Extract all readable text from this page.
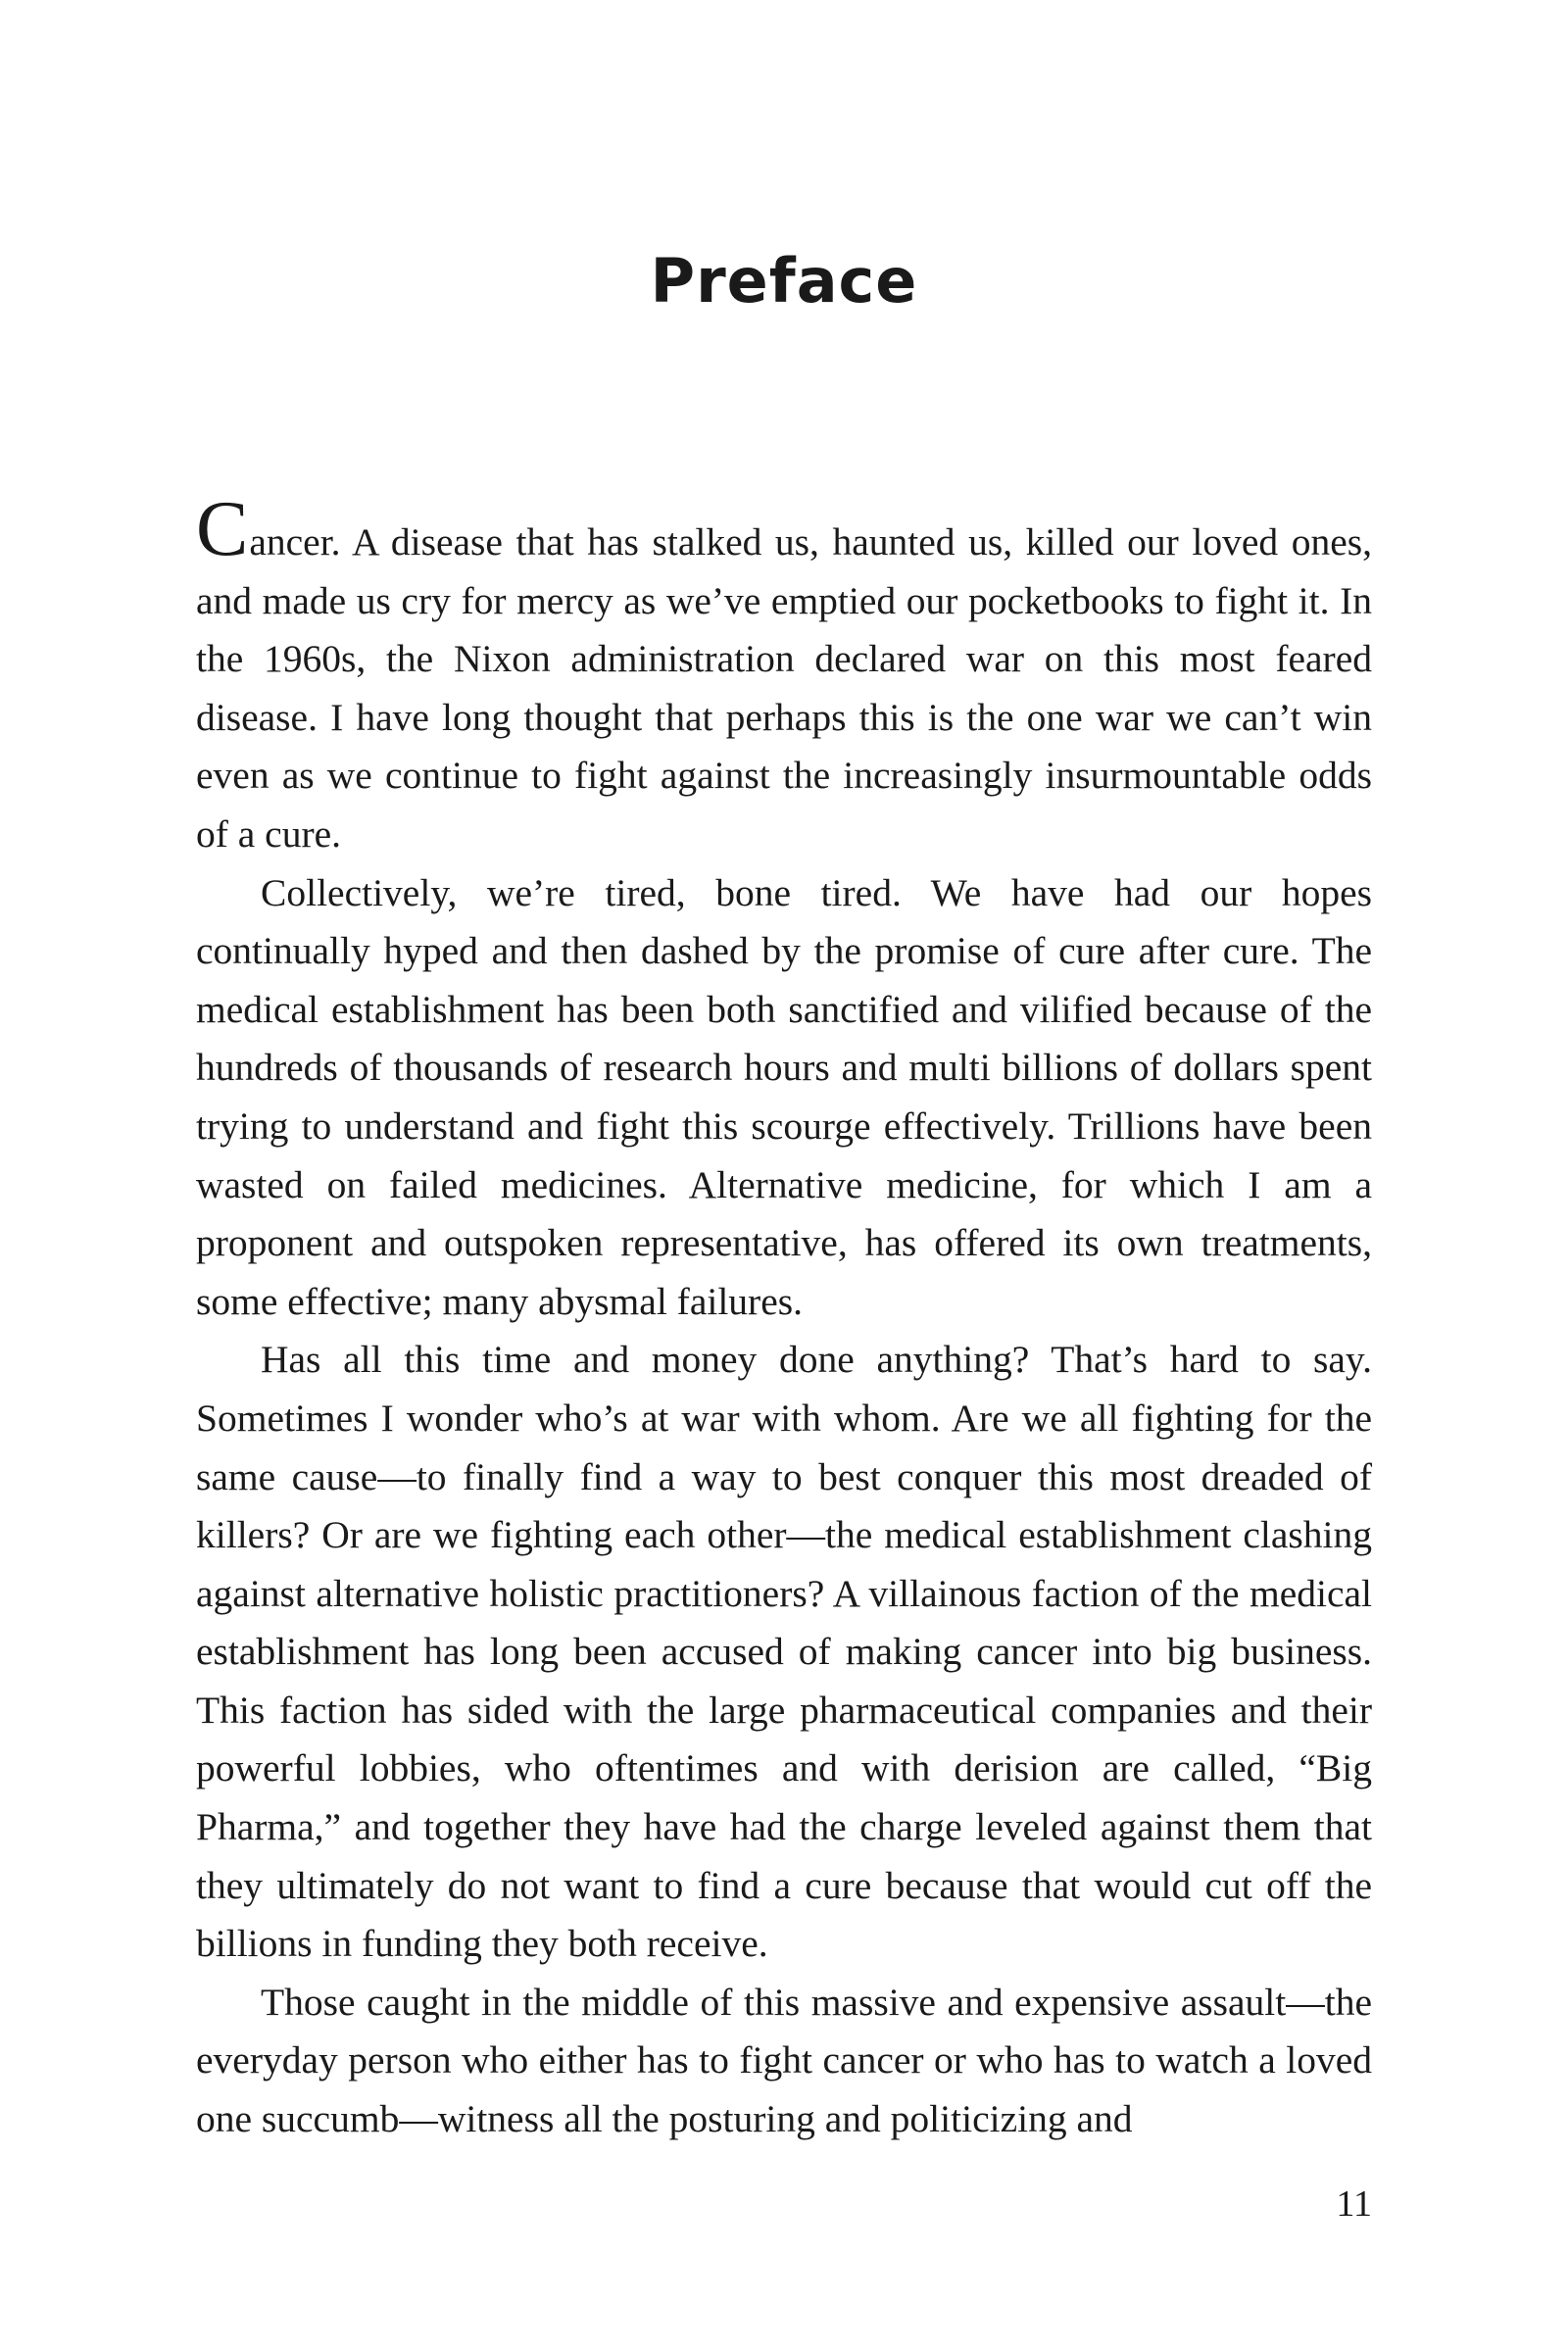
Preface

Cancer. A disease that has stalked us, haunted us, killed our loved ones, and made us cry for mercy as we’ve emptied our pocketbooks to fight it. In the 1960s, the Nixon administration declared war on this most feared disease. I have long thought that perhaps this is the one war we can’t win even as we continue to fight against the increasingly insurmountable odds of a cure.

Collectively, we’re tired, bone tired. We have had our hopes continually hyped and then dashed by the promise of cure after cure. The medical establishment has been both sanctified and vilified because of the hundreds of thousands of research hours and multi billions of dollars spent trying to understand and fight this scourge effectively. Trillions have been wasted on failed medicines. Alternative medicine, for which I am a proponent and outspoken representative, has offered its own treatments, some effective; many abysmal failures.

Has all this time and money done anything? That’s hard to say. Sometimes I wonder who’s at war with whom. Are we all fighting for the same cause—to finally find a way to best conquer this most dreaded of killers? Or are we fighting each other—the medical establishment clashing against alternative holistic practitioners? A villainous faction of the medical establishment has long been accused of making cancer into big business. This faction has sided with the large pharmaceutical companies and their powerful lobbies, who oftentimes and with derision are called, “Big Pharma,” and together they have had the charge leveled against them that they ultimately do not want to find a cure because that would cut off the billions in funding they both receive.

Those caught in the middle of this massive and expensive assault—the everyday person who either has to fight cancer or who has to watch a loved one succumb—witness all the posturing and politicizing and

11
